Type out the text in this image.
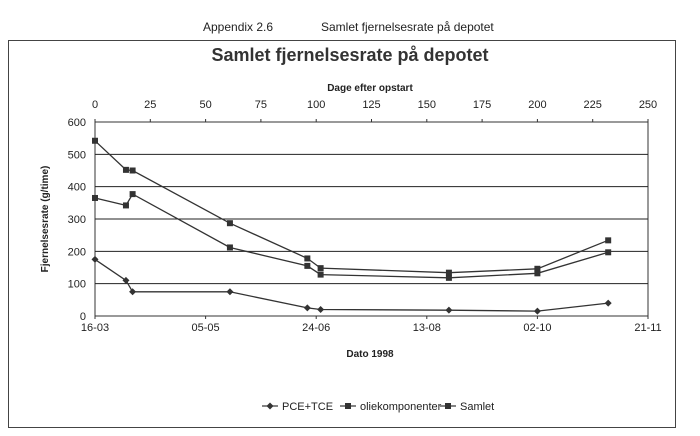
Appendix 2.6	Samlet fjernelsesrate på depotet
Samlet fjernelsesrate på depotet
Dage efter opstart
Dato 1998
Fjernelsesrate (g/time)
0
100
200
300
400
500
600
0	25	50	75	100	125	150	175	200	225	250
16-03	05-05	24-06	13-08	02-10	21-11
PCE+TCE oliekomponenter Samlet
